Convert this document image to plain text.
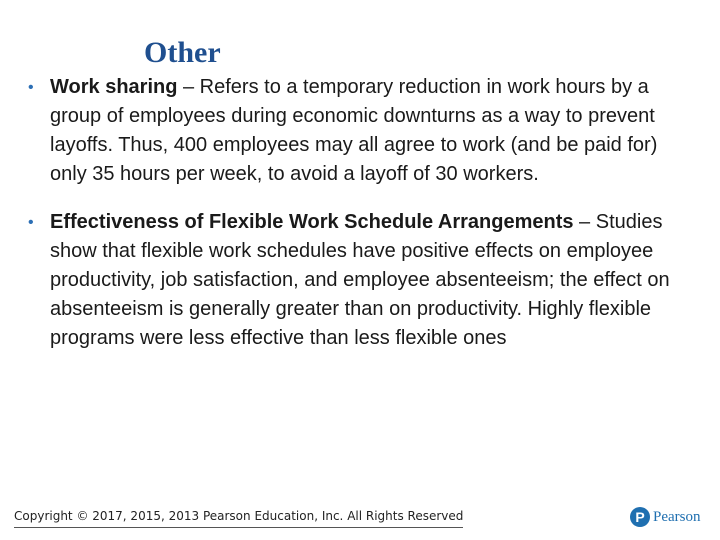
Other
• Work sharing – Refers to a temporary reduction in work hours by a group of employees during economic downturns as a way to prevent layoffs. Thus, 400 employees may all agree to work (and be paid for) only 35 hours per week, to avoid a layoff of 30 workers.
• Effectiveness of Flexible Work Schedule Arrangements – Studies show that flexible work schedules have positive effects on employee productivity, job satisfaction, and employee absenteeism; the effect on absenteeism is generally greater than on productivity. Highly flexible programs were less effective than less flexible ones
Copyright © 2017, 2015, 2013 Pearson Education, Inc. All Rights Reserved	P Pearson
